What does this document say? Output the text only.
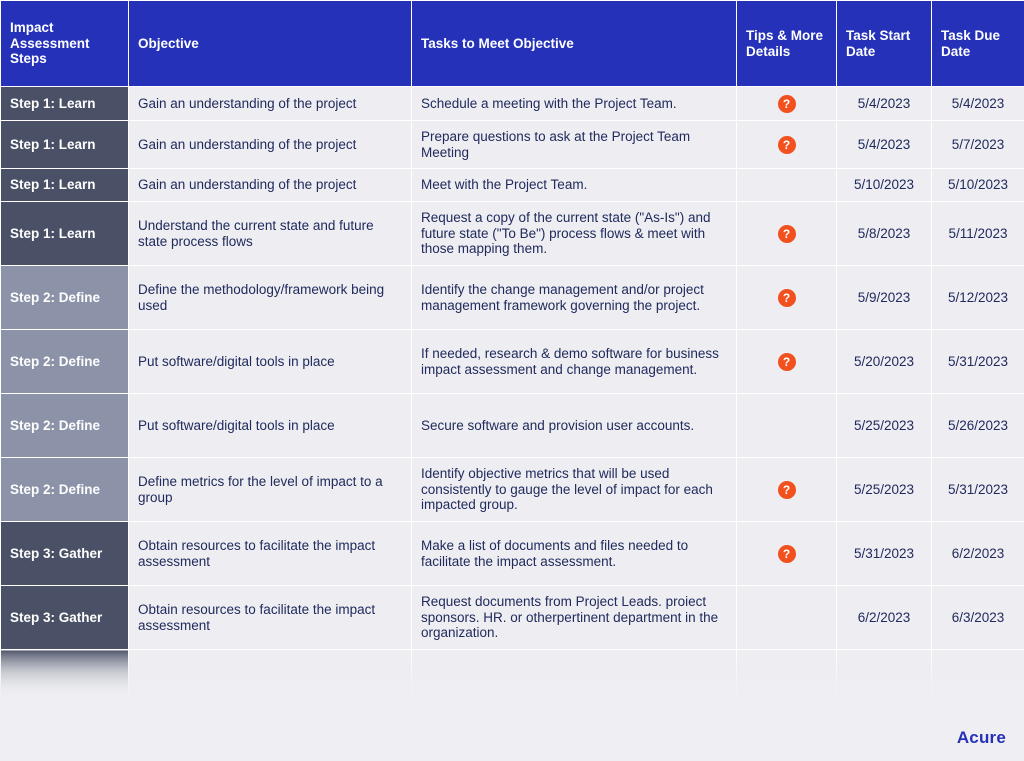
Impact Assessment Steps	Objective	Tasks to Meet Objective	Tips & More Details	Task Start Date	Task Due Date
Step 1: Learn	Gain an understanding of the project	Schedule a meeting with the Project Team.	?	5/4/2023	5/4/2023
Step 1: Learn	Gain an understanding of the project	Prepare questions to ask at the Project Team Meeting	?	5/4/2023	5/7/2023
Step 1: Learn	Gain an understanding of the project	Meet with the Project Team.		5/10/2023	5/10/2023
Step 1: Learn	Understand the current state and future state process flows	Request a copy of the current state ("As-Is") and future state ("To Be") process flows & meet with those mapping them.	?	5/8/2023	5/11/2023
Step 2: Define	Define the methodology/framework being used	Identify the change management and/or project management framework governing the project.	?	5/9/2023	5/12/2023
Step 2: Define	Put software/digital tools in place	If needed, research & demo software for business impact assessment and change management.	?	5/20/2023	5/31/2023
Step 2: Define	Put software/digital tools in place	Secure software and provision user accounts.		5/25/2023	5/26/2023
Step 2: Define	Define metrics for the level of impact to a group	Identify objective metrics that will be used consistently to gauge the level of impact for each impacted group.	?	5/25/2023	5/31/2023
Step 3: Gather	Obtain resources to facilitate the impact assessment	Make a list of documents and files needed to facilitate the impact assessment.	?	5/31/2023	6/2/2023
Step 3: Gather	Obtain resources to facilitate the impact assessment	Request documents from Project Leads. proiect sponsors. HR. or otherpertinent department in the organization.		6/2/2023	6/3/2023

Acure
